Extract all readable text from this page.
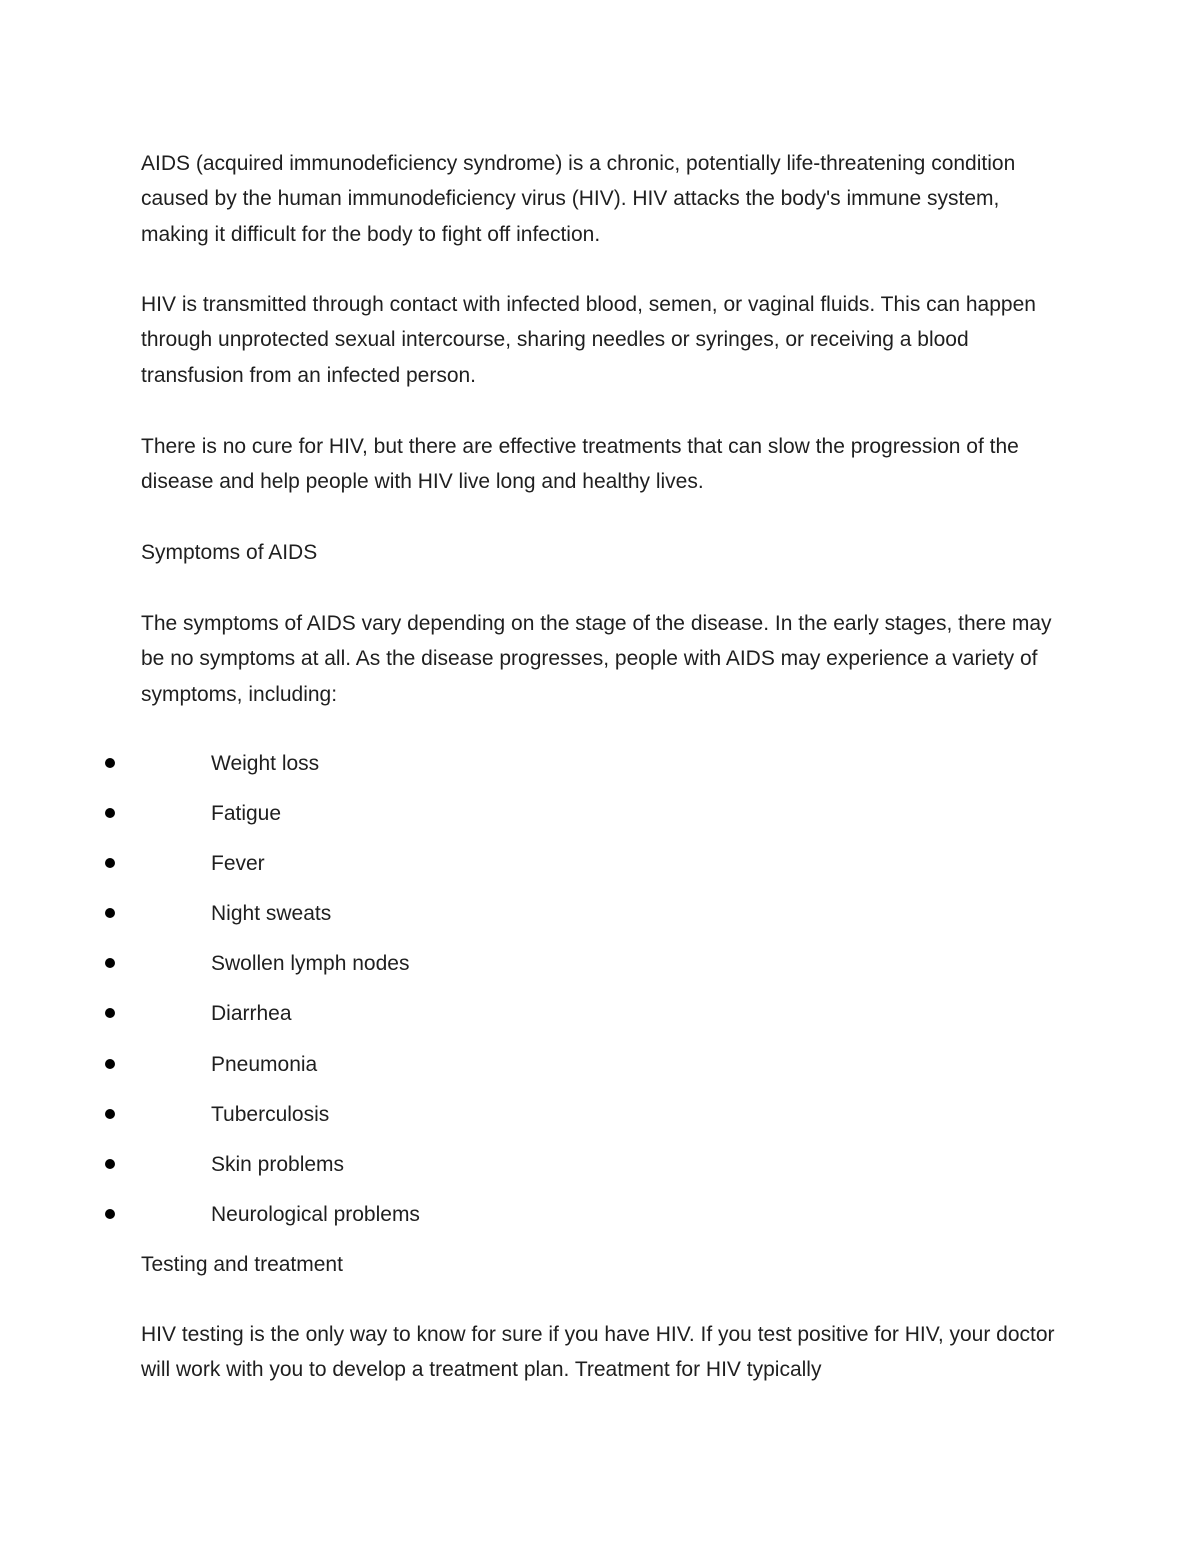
AIDS (acquired immunodeficiency syndrome) is a chronic, potentially life-threatening condition caused by the human immunodeficiency virus (HIV). HIV attacks the body's immune system, making it difficult for the body to fight off infection.

HIV is transmitted through contact with infected blood, semen, or vaginal fluids. This can happen through unprotected sexual intercourse, sharing needles or syringes, or receiving a blood transfusion from an infected person.

There is no cure for HIV, but there are effective treatments that can slow the progression of the disease and help people with HIV live long and healthy lives.

Symptoms of AIDS

The symptoms of AIDS vary depending on the stage of the disease. In the early stages, there may be no symptoms at all. As the disease progresses, people with AIDS may experience a variety of symptoms, including:

Weight loss
Fatigue
Fever
Night sweats
Swollen lymph nodes
Diarrhea
Pneumonia
Tuberculosis
Skin problems
Neurological problems

Testing and treatment

HIV testing is the only way to know for sure if you have HIV. If you test positive for HIV, your doctor will work with you to develop a treatment plan. Treatment for HIV typically
